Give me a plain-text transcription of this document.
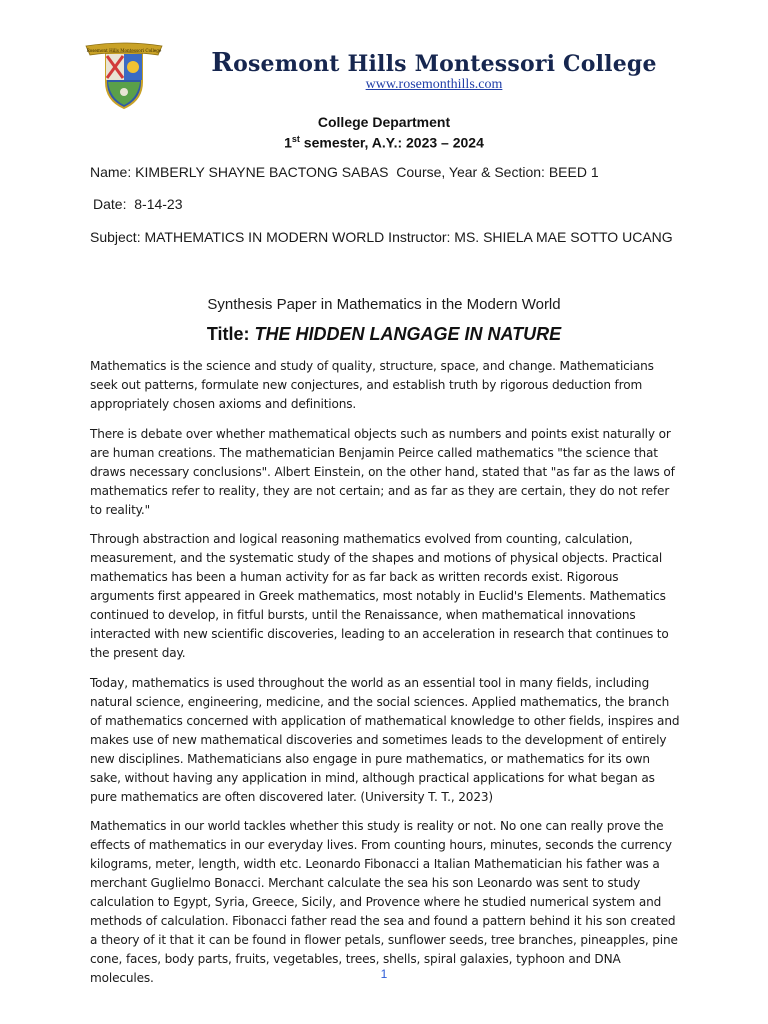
Rosemont Hills Montessori College	Rosemont Hills Montessori College
www.rosemonthills.com
College Department
1st semester, A.Y.: 2023 – 2024
Name: KIMBERLY SHAYNE BACTONG SABAS  Course, Year & Section: BEED 1
Date:  8-14-23
Subject: MATHEMATICS IN MODERN WORLD Instructor: MS. SHIELA MAE SOTTO UCANG
Synthesis Paper in Mathematics in the Modern World
Title: THE HIDDEN LANGAGE IN NATURE

Mathematics is the science and study of quality, structure, space, and change. Mathematicians seek out patterns, formulate new conjectures, and establish truth by rigorous deduction from appropriately chosen axioms and definitions.

There is debate over whether mathematical objects such as numbers and points exist naturally or are human creations. The mathematician Benjamin Peirce called mathematics "the science that draws necessary conclusions". Albert Einstein, on the other hand, stated that "as far as the laws of mathematics refer to reality, they are not certain; and as far as they are certain, they do not refer to reality."

Through abstraction and logical reasoning mathematics evolved from counting, calculation, measurement, and the systematic study of the shapes and motions of physical objects. Practical mathematics has been a human activity for as far back as written records exist. Rigorous arguments first appeared in Greek mathematics, most notably in Euclid's Elements. Mathematics continued to develop, in fitful bursts, until the Renaissance, when mathematical innovations interacted with new scientific discoveries, leading to an acceleration in research that continues to the present day.

Today, mathematics is used throughout the world as an essential tool in many fields, including natural science, engineering, medicine, and the social sciences. Applied mathematics, the branch of mathematics concerned with application of mathematical knowledge to other fields, inspires and makes use of new mathematical discoveries and sometimes leads to the development of entirely new disciplines. Mathematicians also engage in pure mathematics, or mathematics for its own sake, without having any application in mind, although practical applications for what began as pure mathematics are often discovered later. (University T. T., 2023)

Mathematics in our world tackles whether this study is reality or not. No one can really prove the effects of mathematics in our everyday lives. From counting hours, minutes, seconds the currency kilograms, meter, length, width etc. Leonardo Fibonacci a Italian Mathematician his father was a merchant Guglielmo Bonacci. Merchant calculate the sea his son Leonardo was sent to study calculation to Egypt, Syria, Greece, Sicily, and Provence where he studied numerical system and methods of calculation. Fibonacci father read the sea and found a pattern behind it his son created a theory of it that it can be found in flower petals, sunflower seeds, tree branches, pineapples, pine cone, faces, body parts, fruits, vegetables, trees, shells, spiral galaxies, typhoon and DNA molecules.	1
